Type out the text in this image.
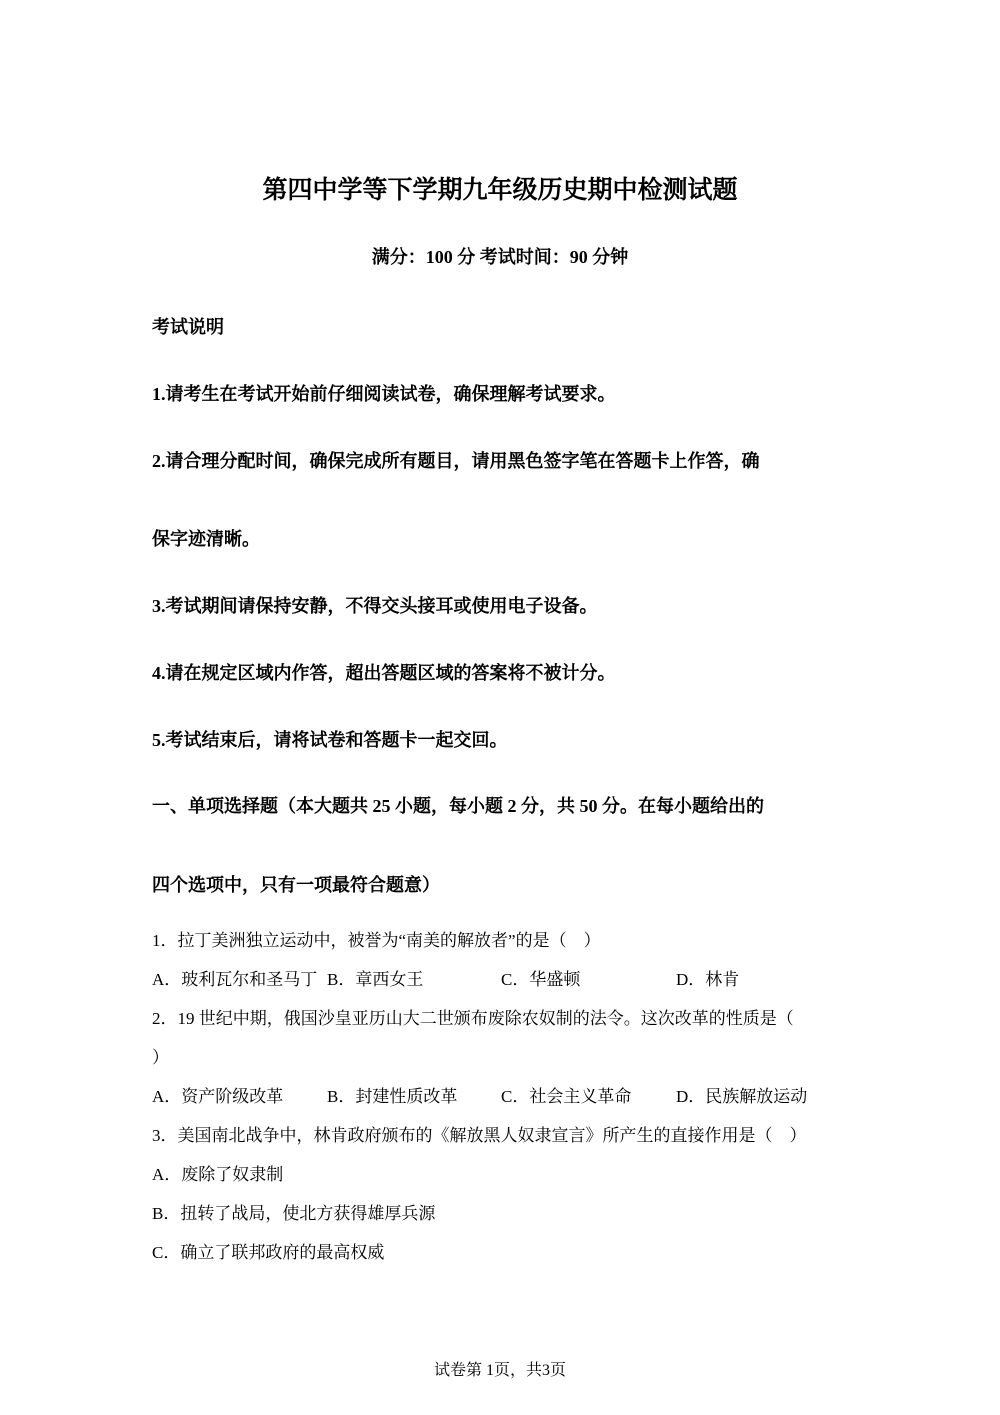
第四中学等下学期九年级历史期中检测试题
满分：100 分 考试时间：90 分钟
考试说明
1.请考生在考试开始前仔细阅读试卷，确保理解考试要求。
2.请合理分配时间，确保完成所有题目，请用黑色签字笔在答题卡上作答，确
保字迹清晰。
3.考试期间请保持安静，不得交头接耳或使用电子设备。
4.请在规定区域内作答，超出答题区域的答案将不被计分。
5.考试结束后，请将试卷和答题卡一起交回。
一、单项选择题（本大题共 25 小题，每小题 2 分，共 50 分。在每小题给出的
四个选项中，只有一项最符合题意）
1．拉丁美洲独立运动中，被誉为“南美的解放者”的是（　）
A．玻利瓦尔和圣马丁 B．章西女王	C．华盛顿	D．林肯
2．19 世纪中期，俄国沙皇亚历山大二世颁布废除农奴制的法令。这次改革的性质是（
）
A．资产阶级改革	B．封建性质改革	C．社会主义革命	D．民族解放运动
3．美国南北战争中，林肯政府颁布的《解放黑人奴隶宣言》所产生的直接作用是（　）
A．废除了奴隶制
B．扭转了战局，使北方获得雄厚兵源
C．确立了联邦政府的最高权威
试卷第 1页，共3页
